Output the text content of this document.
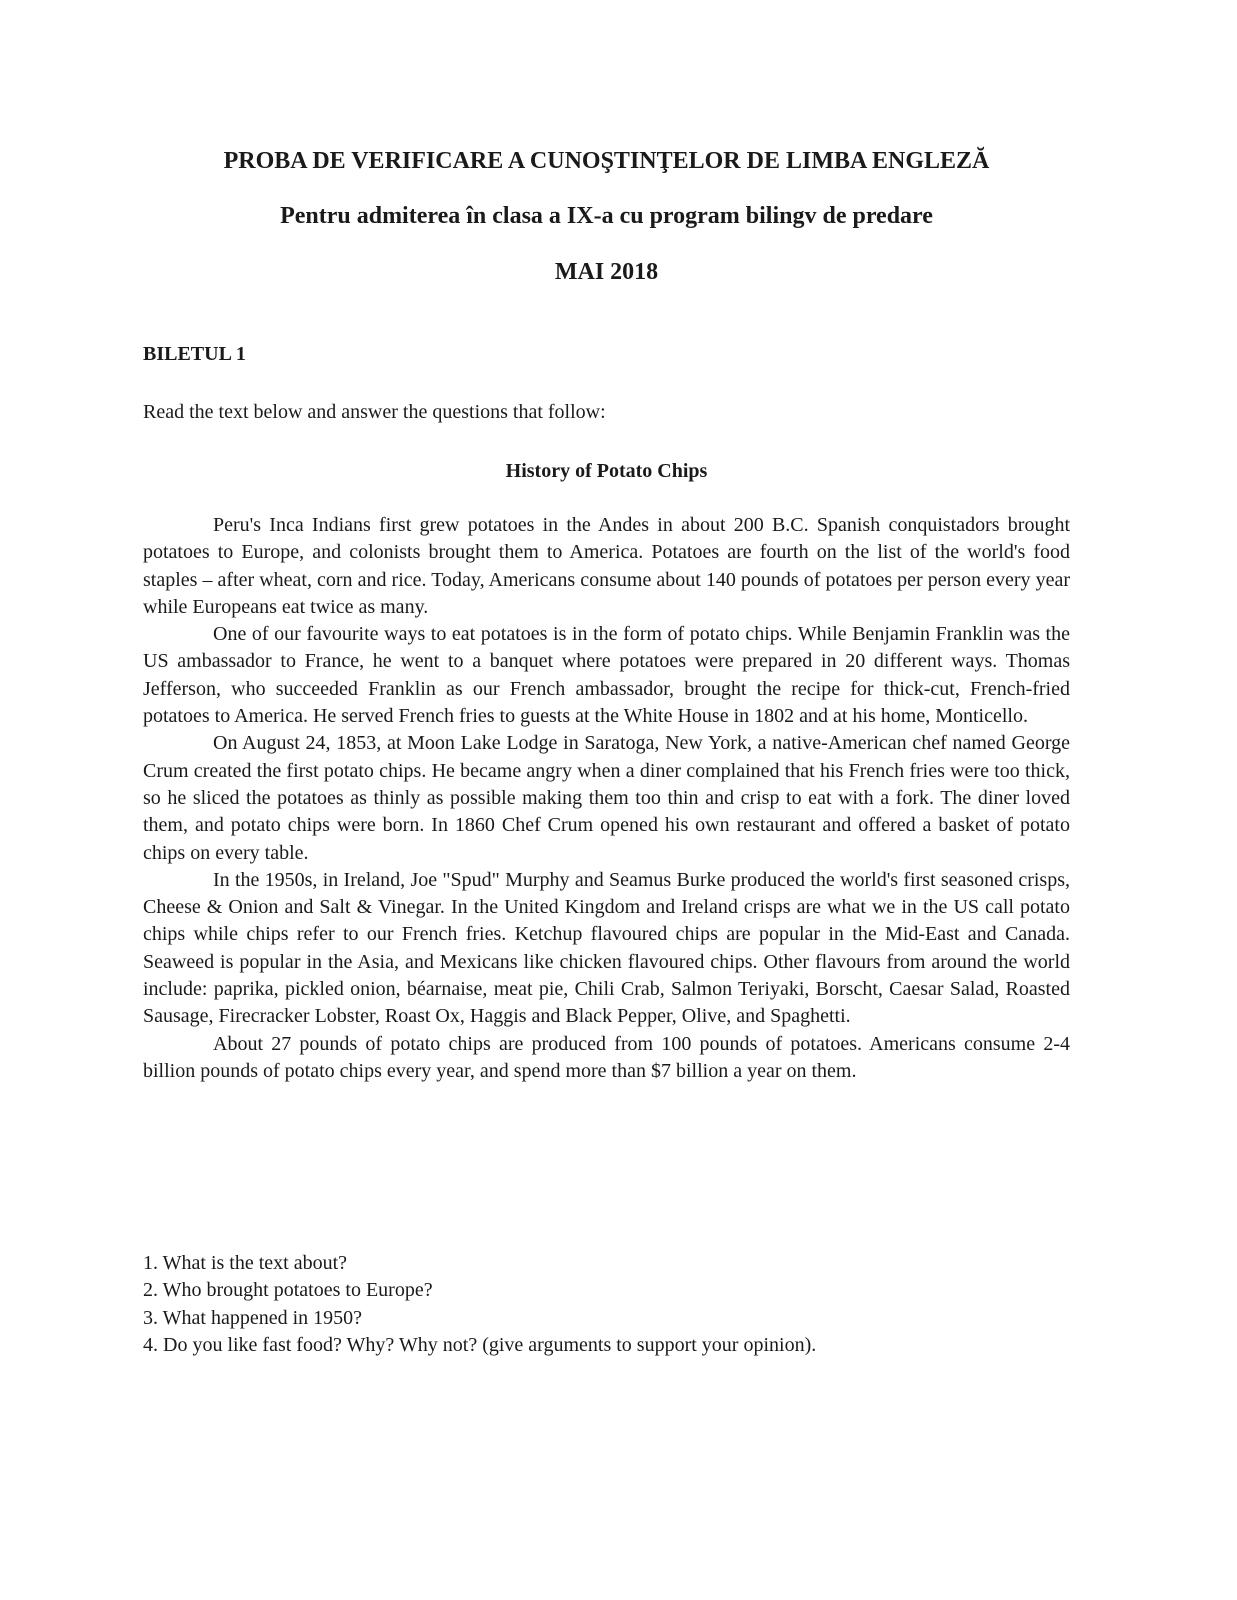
PROBA DE VERIFICARE A CUNOŞTINŢELOR DE LIMBA ENGLEZĂ
Pentru admiterea în clasa a IX-a cu program bilingv de predare
MAI 2018
BILETUL 1
Read the text below and answer the questions that follow:
History of Potato Chips

Peru's Inca Indians first grew potatoes in the Andes in about 200 B.C. Spanish conquistadors brought potatoes to Europe, and colonists brought them to America. Potatoes are fourth on the list of the world's food staples – after wheat, corn and rice. Today, Americans consume about 140 pounds of potatoes per person every year while Europeans eat twice as many.

One of our favourite ways to eat potatoes is in the form of potato chips. While Benjamin Franklin was the US ambassador to France, he went to a banquet where potatoes were prepared in 20 different ways. Thomas Jefferson, who succeeded Franklin as our French ambassador, brought the recipe for thick-cut, French-fried potatoes to America. He served French fries to guests at the White House in 1802 and at his home, Monticello.

On August 24, 1853, at Moon Lake Lodge in Saratoga, New York, a native-American chef named George Crum created the first potato chips. He became angry when a diner complained that his French fries were too thick, so he sliced the potatoes as thinly as possible making them too thin and crisp to eat with a fork. The diner loved them, and potato chips were born. In 1860 Chef Crum opened his own restaurant and offered a basket of potato chips on every table.

In the 1950s, in Ireland, Joe "Spud" Murphy and Seamus Burke produced the world's first seasoned crisps, Cheese & Onion and Salt & Vinegar. In the United Kingdom and Ireland crisps are what we in the US call potato chips while chips refer to our French fries. Ketchup flavoured chips are popular in the Mid-East and Canada. Seaweed is popular in the Asia, and Mexicans like chicken flavoured chips. Other flavours from around the world include: paprika, pickled onion, béarnaise, meat pie, Chili Crab, Salmon Teriyaki, Borscht, Caesar Salad, Roasted Sausage, Firecracker Lobster, Roast Ox, Haggis and Black Pepper, Olive, and Spaghetti.

About 27 pounds of potato chips are produced from 100 pounds of potatoes. Americans consume 2-4 billion pounds of potato chips every year, and spend more than $7 billion a year on them.

1. What is the text about?
2. Who brought potatoes to Europe?
3. What happened in 1950?
4. Do you like fast food? Why? Why not? (give arguments to support your opinion).
